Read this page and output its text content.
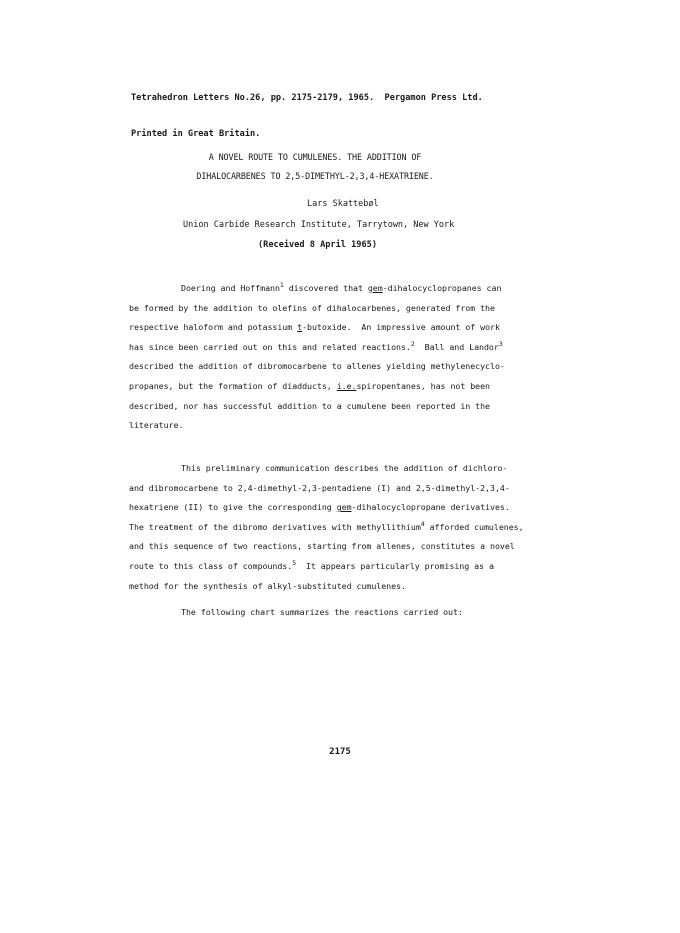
Tetrahedron Letters No.26, pp. 2175-2179, 1965.  Pergamon Press Ltd.

Printed in Great Britain.

A NOVEL ROUTE TO CUMULENES. THE ADDITION OF
DIHALOCARBENES TO 2,5-DIMETHYL-2,3,4-HEXATRIENE.
Lars Skattebøl
Union Carbide Research Institute, Tarrytown, New York
(Received 8 April 1965)
Doering and Hoffmann$^1$ discovered that gem-dihalocyclopropanes can
be formed by the addition to olefins of dihalocarbenes, generated from the
respective haloform and potassium t-butoxide.  An impressive amount of work
has since been carried out on this and related reactions.$^2$  Ball and Landor$^3$
described the addition of dibromocarbene to allenes yielding methylenecyclo-
propanes, but the formation of diadducts, i.e.spiropentanes, has not been
described, nor has successful addition to a cumulene been reported in the
literature.
This preliminary communication describes the addition of dichloro-
and dibromocarbene to 2,4-dimethyl-2,3-pentadiene (I) and 2,5-dimethyl-2,3,4-
hexatriene (II) to give the corresponding gem-dihalocyclopropane derivatives.
The treatment of the dibromo derivatives with methyllithium$^4$ afforded cumulenes,
and this sequence of two reactions, starting from allenes, constitutes a novel
route to this class of compounds.$^5$  It appears particularly promising as a
method for the synthesis of alkyl-substituted cumulenes.
The following chart summarizes the reactions carried out:
2175
